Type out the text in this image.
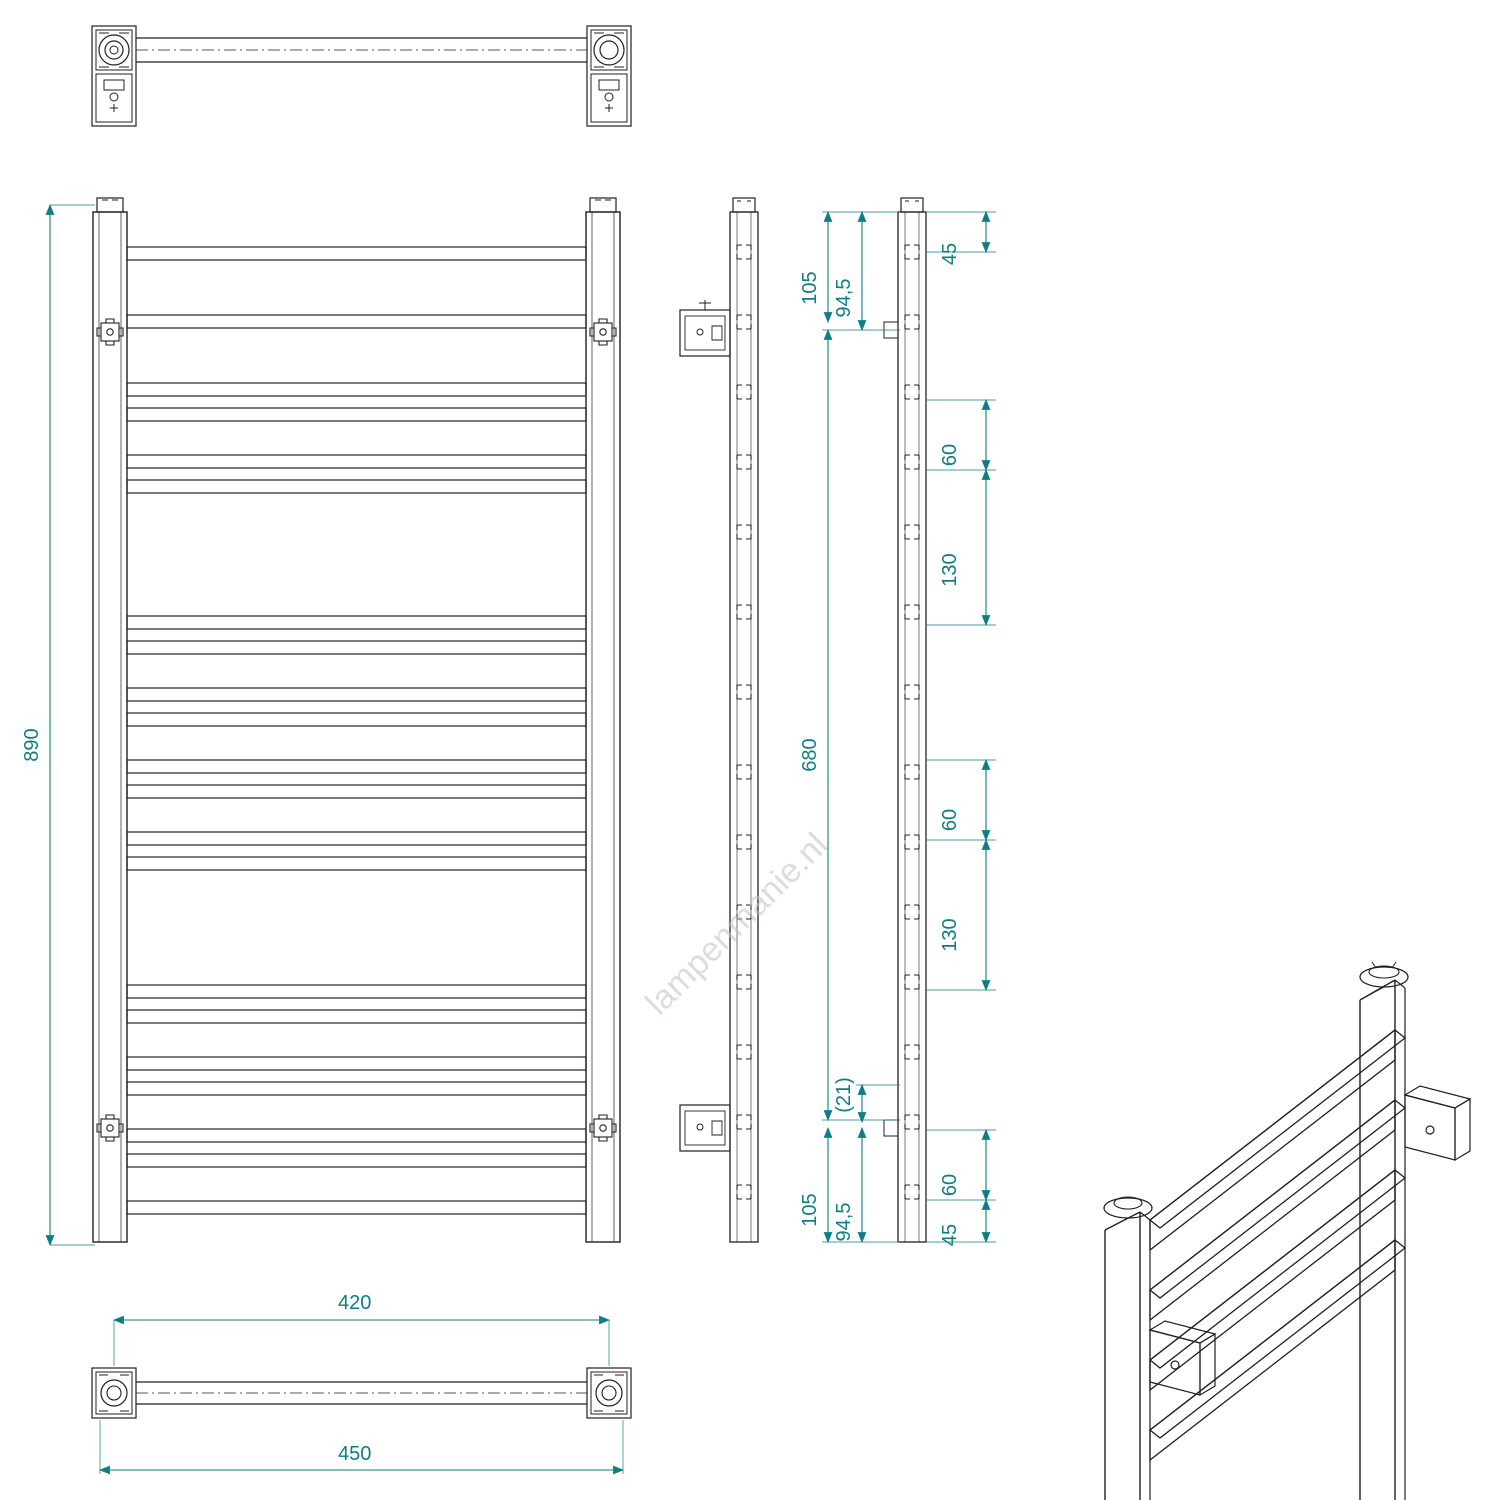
890
420
450
105 94,5
45
60
130
680
60
130
(21)
105 94,5
60
45
lampenmanie.nl
